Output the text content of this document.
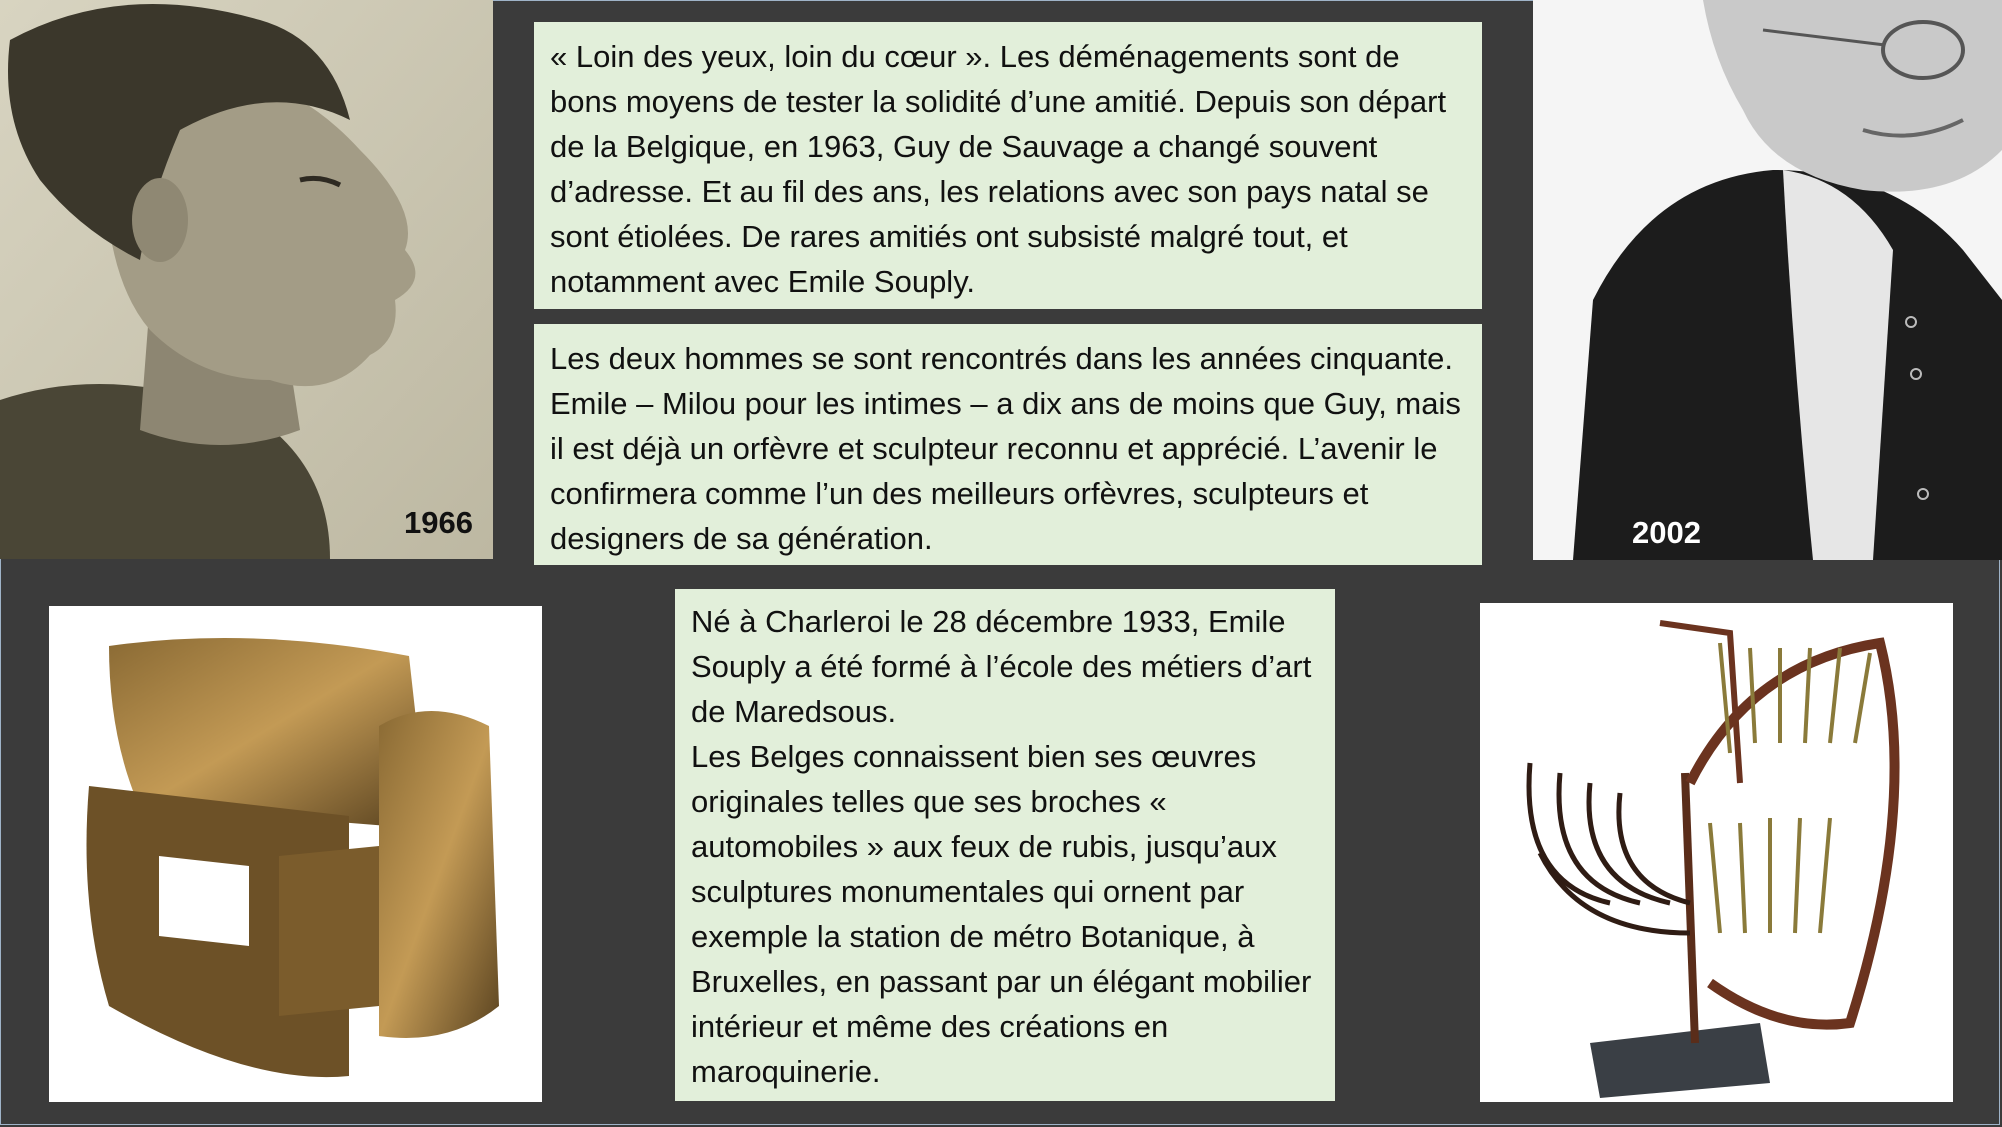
1966	2002

« Loin des yeux, loin du cœur ». Les déménagements sont de bons moyens de tester la solidité d’une amitié. Depuis son départ de la Belgique, en 1963, Guy de Sauvage a changé souvent d’adresse. Et au fil des ans, les relations avec son pays natal se sont étiolées. De rares amitiés ont subsisté malgré tout, et notamment avec Emile Souply.

Les deux hommes se sont rencontrés dans les années cinquante. Emile – Milou pour les intimes – a dix ans de moins que Guy, mais il est déjà un orfèvre et sculpteur reconnu et apprécié. L’avenir le confirmera comme l’un des meilleurs orfèvres, sculpteurs et designers de sa génération.

Né à Charleroi le 28 décembre 1933, Emile Souply a été formé à l’école des métiers d’art de Maredsous.

Les Belges connaissent bien ses œuvres originales telles que ses broches « automobiles » aux feux de rubis, jusqu’aux sculptures monumentales qui ornent par exemple la station de métro Botanique, à Bruxelles, en passant par un élégant mobilier intérieur et même des créations en maroquinerie.
